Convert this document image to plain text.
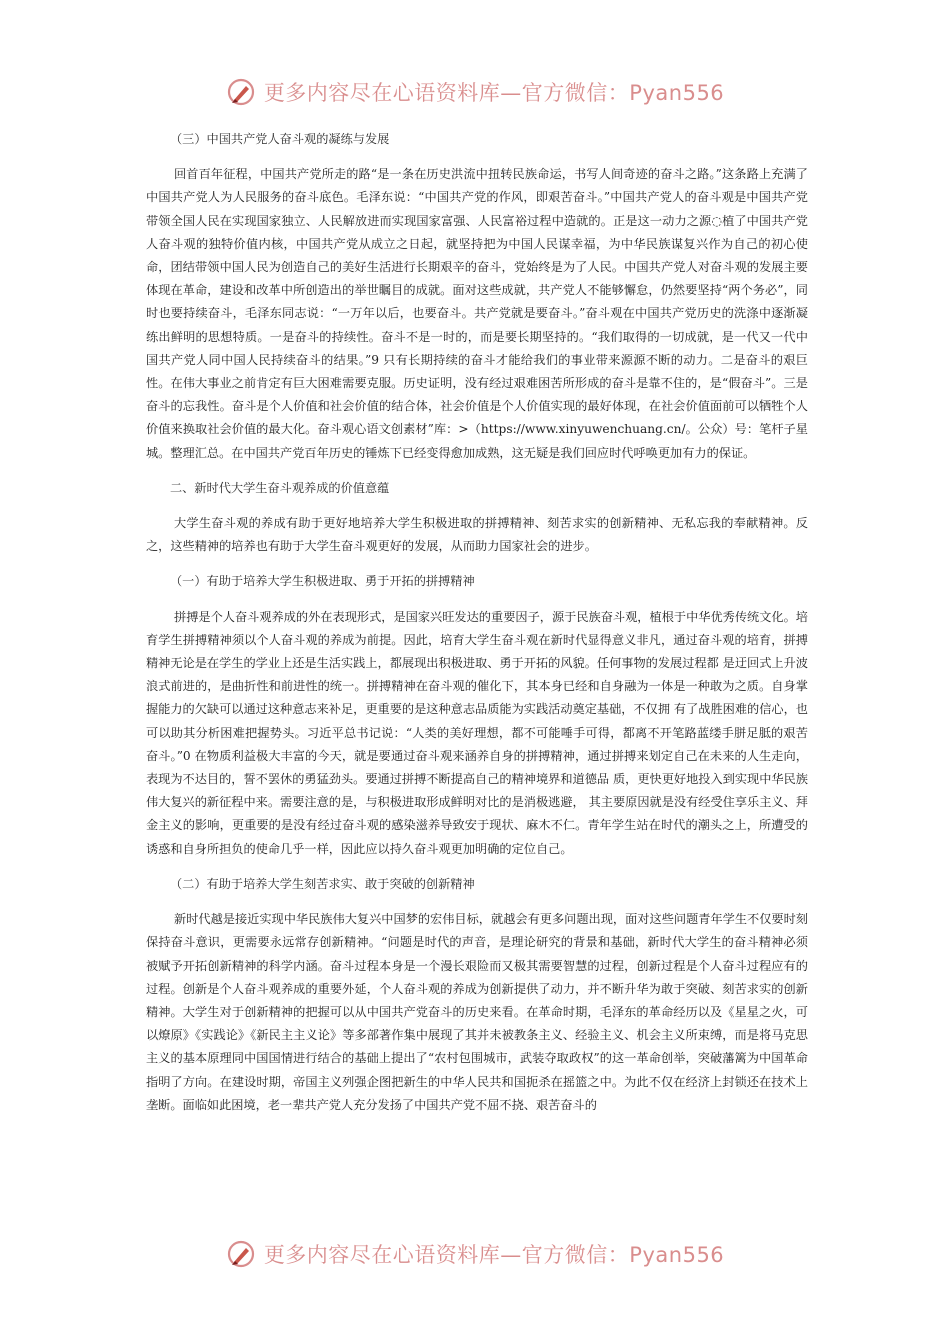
更多内容尽在心语资料库—官方微信：Pyan556
（三）中国共产党人奋斗观的凝练与发展

回首百年征程，中国共产党所走的路“是一条在历史洪流中扭转民族命运，书写人间奇迹的奋斗之路。”这条路上充满了中国共产党人为人民服务的奋斗底色。毛泽东说：“中国共产党的作风，即艰苦奋斗。”中国共产党人的奋斗观是中国共产党带领全国人民在实现国家独立、人民解放进而实现国家富强、人民富裕过程中造就的。正是这一动力之源◌植了中国共产党人奋斗观的独特价值内核，中国共产党从成立之日起，就坚持把为中国人民谋幸福，为中华民族谋复兴作为自己的初心使命，团结带领中国人民为创造自己的美好生活进行长期艰辛的奋斗，党始终是为了人民。中国共产党人对奋斗观的发展主要体现在革命，建设和改革中所创造出的举世瞩目的成就。面对这些成就，共产党人不能够懈怠，仍然要坚持“两个务必”，同时也要持续奋斗，毛泽东同志说：“一万年以后，也要奋斗。共产党就是要奋斗。”奋斗观在中国共产党历史的洗涤中逐渐凝练出鲜明的思想特质。一是奋斗的持续性。奋斗不是一时的，而是要长期坚持的。“我们取得的一切成就，是一代又一代中国共产党人同中国人民持续奋斗的结果。”9 只有长期持续的奋斗才能给我们的事业带来源源不断的动力。二是奋斗的艰巨性。在伟大事业之前肯定有巨大困难需要克服。历史证明，没有经过艰难困苦所形成的奋斗是靠不住的，是“假奋斗”。三是奋斗的忘我性。奋斗是个人价值和社会价值的结合体，社会价值是个人价值实现的最好体现，在社会价值面前可以牺牲个人价值来换取社会价值的最大化。奋斗观心语文创素材”库：>（https://www.xinyuwenchuang.cn/。公众）号：笔杆子星城。整理汇总。在中国共产党百年历史的锤炼下已经变得愈加成熟，这无疑是我们回应时代呼唤更加有力的保证。

二、新时代大学生奋斗观养成的价值意蕴

大学生奋斗观的养成有助于更好地培养大学生积极进取的拼搏精神、刻苦求实的创新精神、无私忘我的奉献精神。反之，这些精神的培养也有助于大学生奋斗观更好的发展，从而助力国家社会的进步。

（一）有助于培养大学生积极进取、勇于开拓的拼搏精神

拼搏是个人奋斗观养成的外在表现形式，是国家兴旺发达的重要因子，源于民族奋斗观，植根于中华优秀传统文化。培育学生拼搏精神须以个人奋斗观的养成为前提。因此，培育大学生奋斗观在新时代显得意义非凡，通过奋斗观的培育，拼搏精神无论是在学生的学业上还是生活实践上，都展现出积极进取、勇于开拓的风貌。任何事物的发展过程都 是迂回式上升波浪式前进的，是曲折性和前进性的统一。拼搏精神在奋斗观的催化下，其本身已经和自身融为一体是一种敢为之质。自身掌握能力的欠缺可以通过这种意志来补足，更重要的是这种意志品质能为实践活动奠定基础，不仅拥 有了战胜困难的信心，也可以助其分析困难把握势头。习近平总书记说：“人类的美好理想，都不可能唾手可得，都离不开笔路蓝缕手胼足胝的艰苦奋斗。”0 在物质利益极大丰富的今天，就是要通过奋斗观来涵养自身的拼搏精神，通过拼搏来划定自己在未来的人生走向，表现为不达目的，誓不罢休的勇猛劲头。要通过拼搏不断提高自己的精神境界和道德品 质，更快更好地投入到实现中华民族伟大复兴的新征程中来。需要注意的是，与积极进取形成鲜明对比的是消极逃避， 其主要原因就是没有经受住享乐主义、拜金主义的影响，更重要的是没有经过奋斗观的感染滋养导致安于现状、麻木不仁。青年学生站在时代的潮头之上，所遭受的诱惑和自身所担负的使命几乎一样，因此应以持久奋斗观更加明确的定位自己。

（二）有助于培养大学生刻苦求实、敢于突破的创新精神

新时代越是接近实现中华民族伟大复兴中国梦的宏伟目标，就越会有更多问题出现，面对这些问题青年学生不仅要时刻保持奋斗意识，更需要永远常存创新精神。“问题是时代的声音，是理论研究的背景和基础，新时代大学生的奋斗精神必须被赋予开拓创新精神的科学内涵。奋斗过程本身是一个漫长艰险而又极其需要智慧的过程，创新过程是个人奋斗过程应有的过程。创新是个人奋斗观养成的重要外延，个人奋斗观的养成为创新提供了动力，并不断升华为敢于突破、刻苦求实的创新精神。大学生对于创新精神的把握可以从中国共产党奋斗的历史来看。在革命时期，毛泽东的革命经历以及《星星之火，可以燎原》《实践论》《新民主主义论》等多部著作集中展现了其并未被教条主义、经验主义、机会主义所束缚，而是将马克思主义的基本原理同中国国情进行结合的基础上提出了“农村包围城市，武装夺取政权”的这一革命创举，突破藩篱为中国革命指明了方向。在建设时期，帝国主义列强企图把新生的中华人民共和国扼杀在摇篮之中。为此不仅在经济上封锁还在技术上垄断。面临如此困境，老一辈共产党人充分发扬了中国共产党不屈不挠、艰苦奋斗的

更多内容尽在心语资料库—官方微信：Pyan556
